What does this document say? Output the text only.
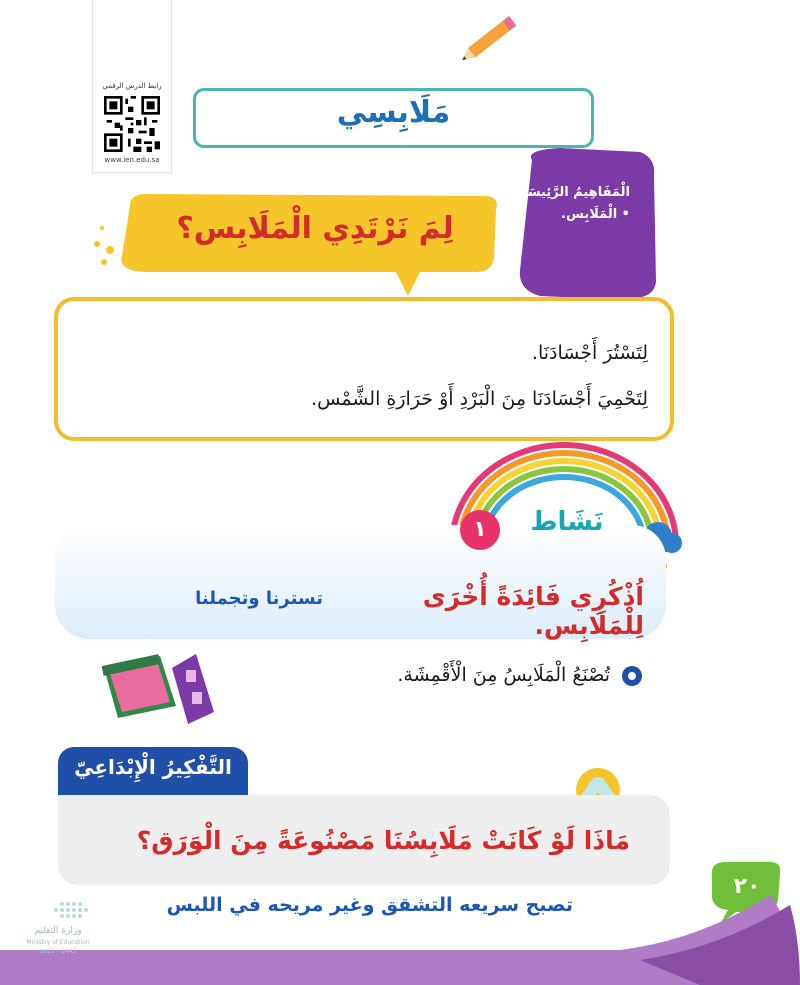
رابط الدرس الرقمي
www.ien.edu.sa
مَلَابِسِي
الْمَفَاهِيمُ الرَّئِيسَة:
• الْمَلَابِس.
لِمَ نَرْتَدِي الْمَلَابِس؟
لِتَسْتُرَ أَجْسَادَنَا.
لِتَحْمِيَ أَجْسَادَنَا مِنَ الْبَرْدِ أَوْ حَرَارَةِ الشَّمْس.
نَشَاط
١
اُذْكُرِي فَائِدَةً أُخْرَى لِلْمَلَابِس.
تسترنا وتجملنا
تُصْنَعُ الْمَلَابِسُ مِنَ الْأَقْمِشَة.
التَّفْكِيرُ الْإِبْدَاعِيّ
مَاذَا لَوْ كَانَتْ مَلَابِسُنَا مَصْنُوعَةً مِنَ الْوَرَق؟
تصبح سريعه التشقق وغير مريحه في اللبس
٢٠
وزارة التعليم
Ministry of Education
2022 - 1443
